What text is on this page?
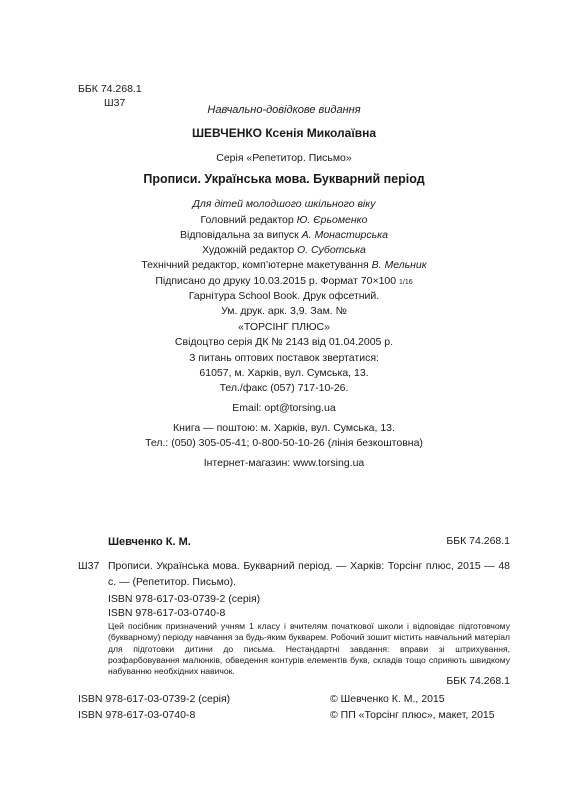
ББК 74.268.1
Ш37
Навчально-довідкове видання
ШЕВЧЕНКО Ксенія Миколаївна
Серія «Репетитор. Письмо»
Прописи. Українська мова. Букварний період
Для дітей молодшого шкільного віку
Головний редактор Ю. Єрьоменко
Відповідальна за випуск А. Монастирська
Художній редактор О. Суботська
Технічний редактор, комп’ютерне макетування В. Мельник
Підписано до друку 10.03.2015 р. Формат 70×100 1/16
Гарнітура School Book. Друк офсетний.
Ум. друк. арк. 3,9. Зам. №
«ТОРСІНГ ПЛЮС»
Свідоцтво серія ДК № 2143 від 01.04.2005 р.
З питань оптових поставок звертатися:
61057, м. Харків, вул. Сумська, 13.
Тел./факс (057) 717-10-26.
Email: opt@torsing.ua
Книга — поштою: м. Харків, вул. Сумська, 13.
Тел.: (050) 305-05-41; 0-800-50-10-26 (лінія безкоштовна)
Інтернет-магазин: www.torsing.ua
Шевченко К. М.	ББК 74.268.1
Ш37 Прописи. Українська мова. Букварний період. — Харків: Торсінг плюс, 2015 — 48 с. — (Репетитор. Письмо).
ISBN 978-617-03-0739-2 (серія)
ISBN 978-617-03-0740-8
Цей посібник призначений учням 1 класу і вчителям початкової школи і відповідає підготовчому (букварному) періоду навчання за будь-яким букварем. Робочий зошит містить навчальний матеріал для підготовки дитини до письма. Нестандартні завдання: вправи зі штрихування, розфарбовування малюнків, обведення контурів елементів букв, складів тощо сприяють швидкому набуванню необхідних навичок.
ББК 74.268.1
ISBN 978-617-03-0739-2 (серія)
ISBN 978-617-03-0740-8
© Шевченко К. М., 2015
© ПП «Торсінг плюс», макет, 2015
